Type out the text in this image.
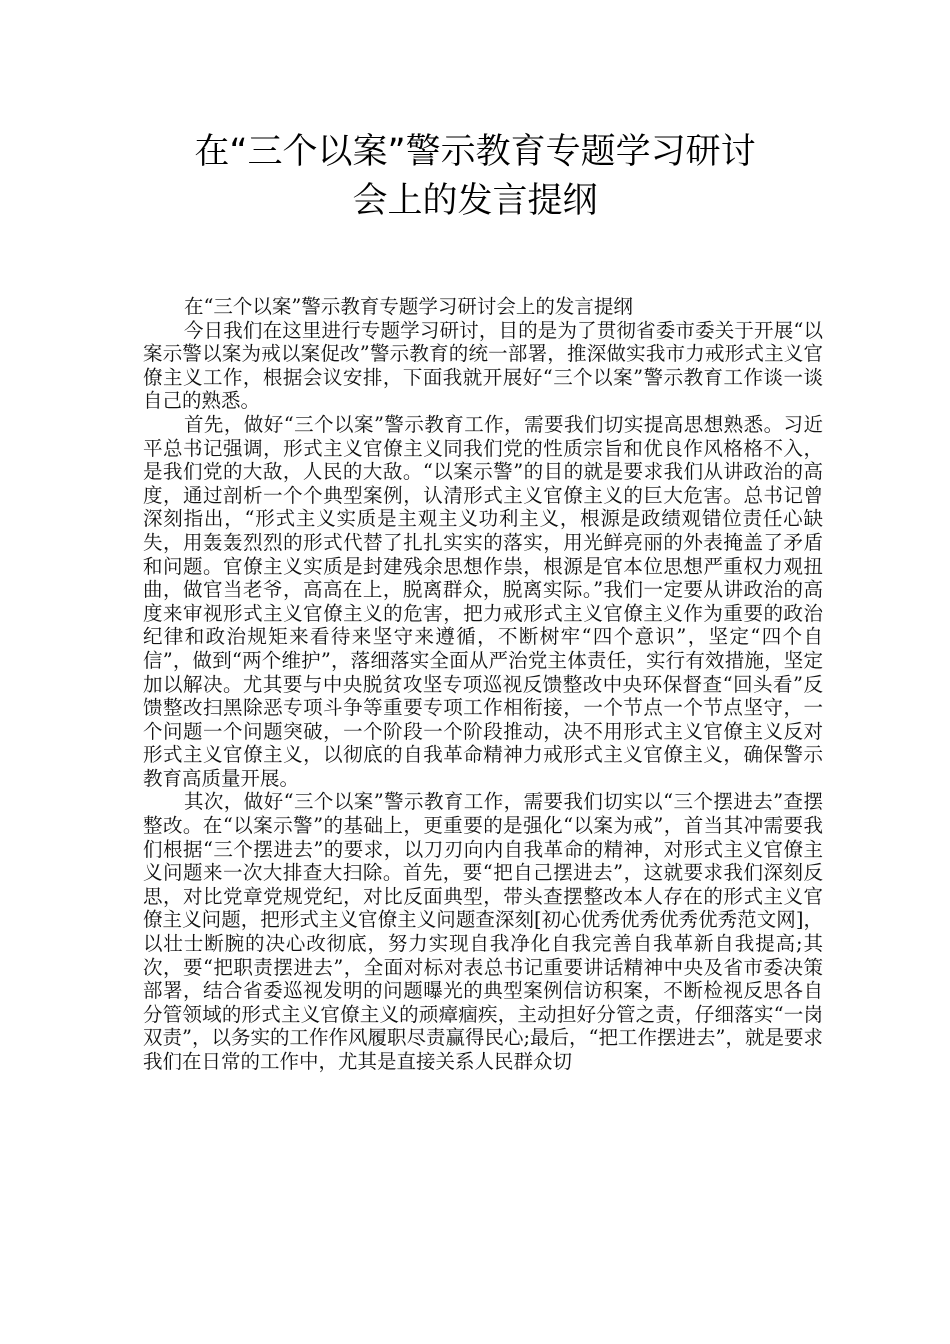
在“三个以案”警示教育专题学习研讨
会上的发言提纲

在“三个以案”警示教育专题学习研讨会上的发言提纲

今日我们在这里进行专题学习研讨，目的是为了贯彻省委市委关于开展“以案示警以案为戒以案促改”警示教育的统一部署，推深做实我市力戒形式主义官僚主义工作，根据会议安排，下面我就开展好“三个以案”警示教育工作谈一谈自己的熟悉。

首先，做好“三个以案”警示教育工作，需要我们切实提高思想熟悉。习近平总书记强调，形式主义官僚主义同我们党的性质宗旨和优良作风格格不入，是我们党的大敌，人民的大敌。“以案示警”的目的就是要求我们从讲政治的高度，通过剖析一个个典型案例，认清形式主义官僚主义的巨大危害。总书记曾深刻指出，“形式主义实质是主观主义功利主义，根源是政绩观错位责任心缺失，用轰轰烈烈的形式代替了扎扎实实的落实，用光鲜亮丽的外表掩盖了矛盾和问题。官僚主义实质是封建残余思想作祟，根源是官本位思想严重权力观扭曲，做官当老爷，高高在上，脱离群众，脱离实际。”我们一定要从讲政治的高度来审视形式主义官僚主义的危害，把力戒形式主义官僚主义作为重要的政治纪律和政治规矩来看待来坚守来遵循，不断树牢“四个意识”，坚定“四个自信”，做到“两个维护”，落细落实全面从严治党主体责任，实行有效措施，坚定加以解决。尤其要与中央脱贫攻坚专项巡视反馈整改中央环保督查“回头看”反馈整改扫黑除恶专项斗争等重要专项工作相衔接，一个节点一个节点坚守，一个问题一个问题突破，一个阶段一个阶段推动，决不用形式主义官僚主义反对形式主义官僚主义，以彻底的自我革命精神力戒形式主义官僚主义，确保警示教育高质量开展。

其次，做好“三个以案”警示教育工作，需要我们切实以“三个摆进去”查摆整改。在“以案示警”的基础上，更重要的是强化“以案为戒”，首当其冲需要我们根据“三个摆进去”的要求，以刀刃向内自我革命的精神，对形式主义官僚主义问题来一次大排查大扫除。首先，要“把自己摆进去”，这就要求我们深刻反思，对比党章党规党纪，对比反面典型，带头查摆整改本人存在的形式主义官僚主义问题，把形式主义官僚主义问题查深刻[初心优秀优秀优秀优秀范文网]，以壮士断腕的决心改彻底，努力实现自我净化自我完善自我革新自我提高;其次，要“把职责摆进去”，全面对标对表总书记重要讲话精神中央及省市委决策部署，结合省委巡视发明的问题曝光的典型案例信访积案，不断检视反思各自分管领域的形式主义官僚主义的顽瘴痼疾，主动担好分管之责，仔细落实“一岗双责”，以务实的工作作风履职尽责赢得民心;最后，“把工作摆进去”，就是要求我们在日常的工作中，尤其是直接关系人民群众切
